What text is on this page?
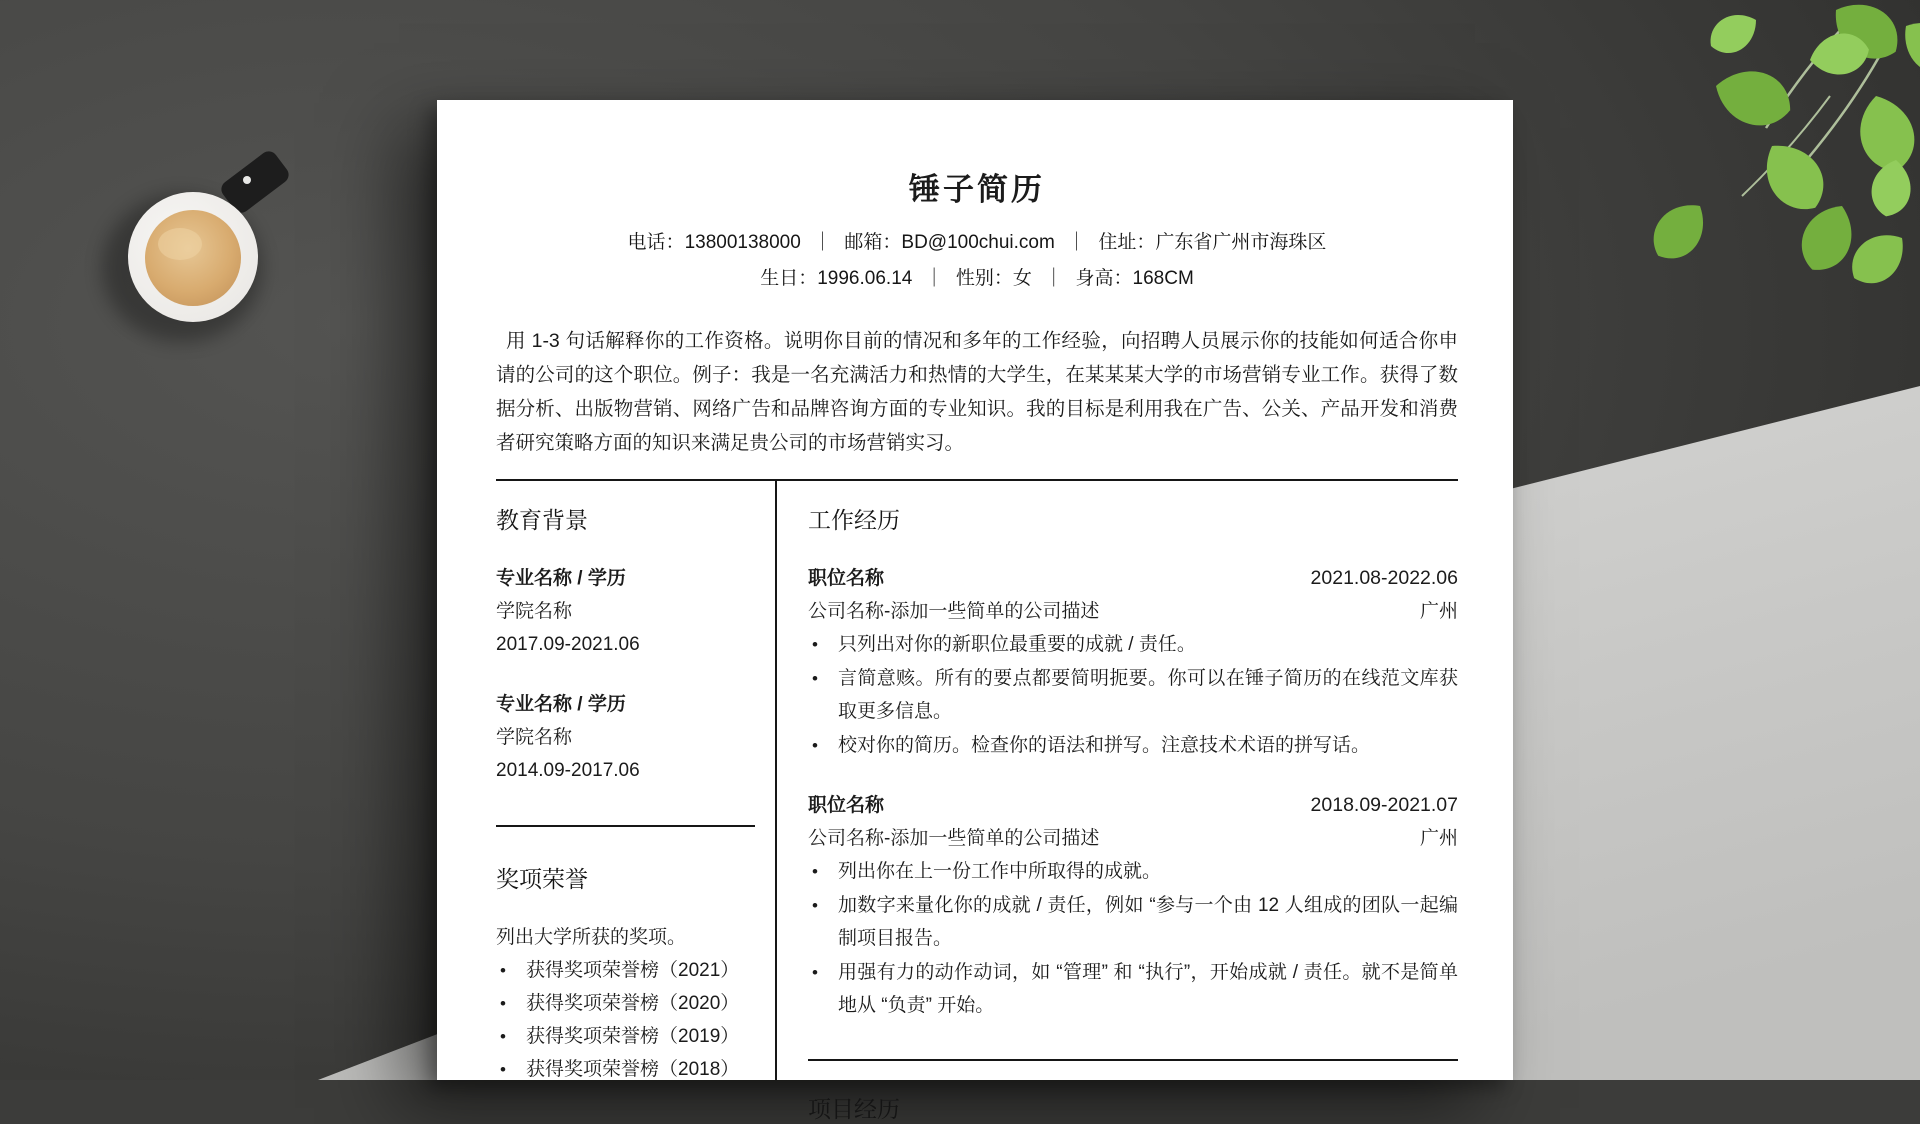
锤子简历
电话：13800138000 ｜ 邮箱：BD@100chui.com ｜ 住址：广东省广州市海珠区
生日：1996.06.14 ｜ 性别：女 ｜ 身高：168CM
用 1-3 句话解释你的工作资格。说明你目前的情况和多年的工作经验，向招聘人员展示你的技能如何适合你申请的公司的这个职位。例子：我是一名充满活力和热情的大学生，在某某某大学的市场营销专业工作。获得了数据分析、出版物营销、网络广告和品牌咨询方面的专业知识。我的目标是利用我在广告、公关、产品开发和消费者研究策略方面的知识来满足贵公司的市场营销实习。
教育背景
专业名称 / 学历
学院名称
2017.09-2021.06
专业名称 / 学历
学院名称
2014.09-2017.06
奖项荣誉
列出大学所获的奖项。
•
获得奖项荣誉榜（2021）
•
获得奖项荣誉榜（2020）
•
获得奖项荣誉榜（2019）
•
获得奖项荣誉榜（2018）
工作经历
职位名称	2021.08-2022.06
公司名称-添加一些简单的公司描述	广州
•
只列出对你的新职位最重要的成就 / 责任。
•
言简意赅。所有的要点都要简明扼要。你可以在锤子简历的在线范文库获取更多信息。
•
校对你的简历。检查你的语法和拼写。注意技术术语的拼写话。
职位名称	2018.09-2021.07
公司名称-添加一些简单的公司描述	广州
•
列出你在上一份工作中所取得的成就。
•
加数字来量化你的成就 / 责任，例如 “参与一个由 12 人组成的团队一起编制项目报告。
•
用强有力的动作动词，如 “管理” 和 “执行”，开始成就 / 责任。就不是简单地从 “负责” 开始。
项目经历
